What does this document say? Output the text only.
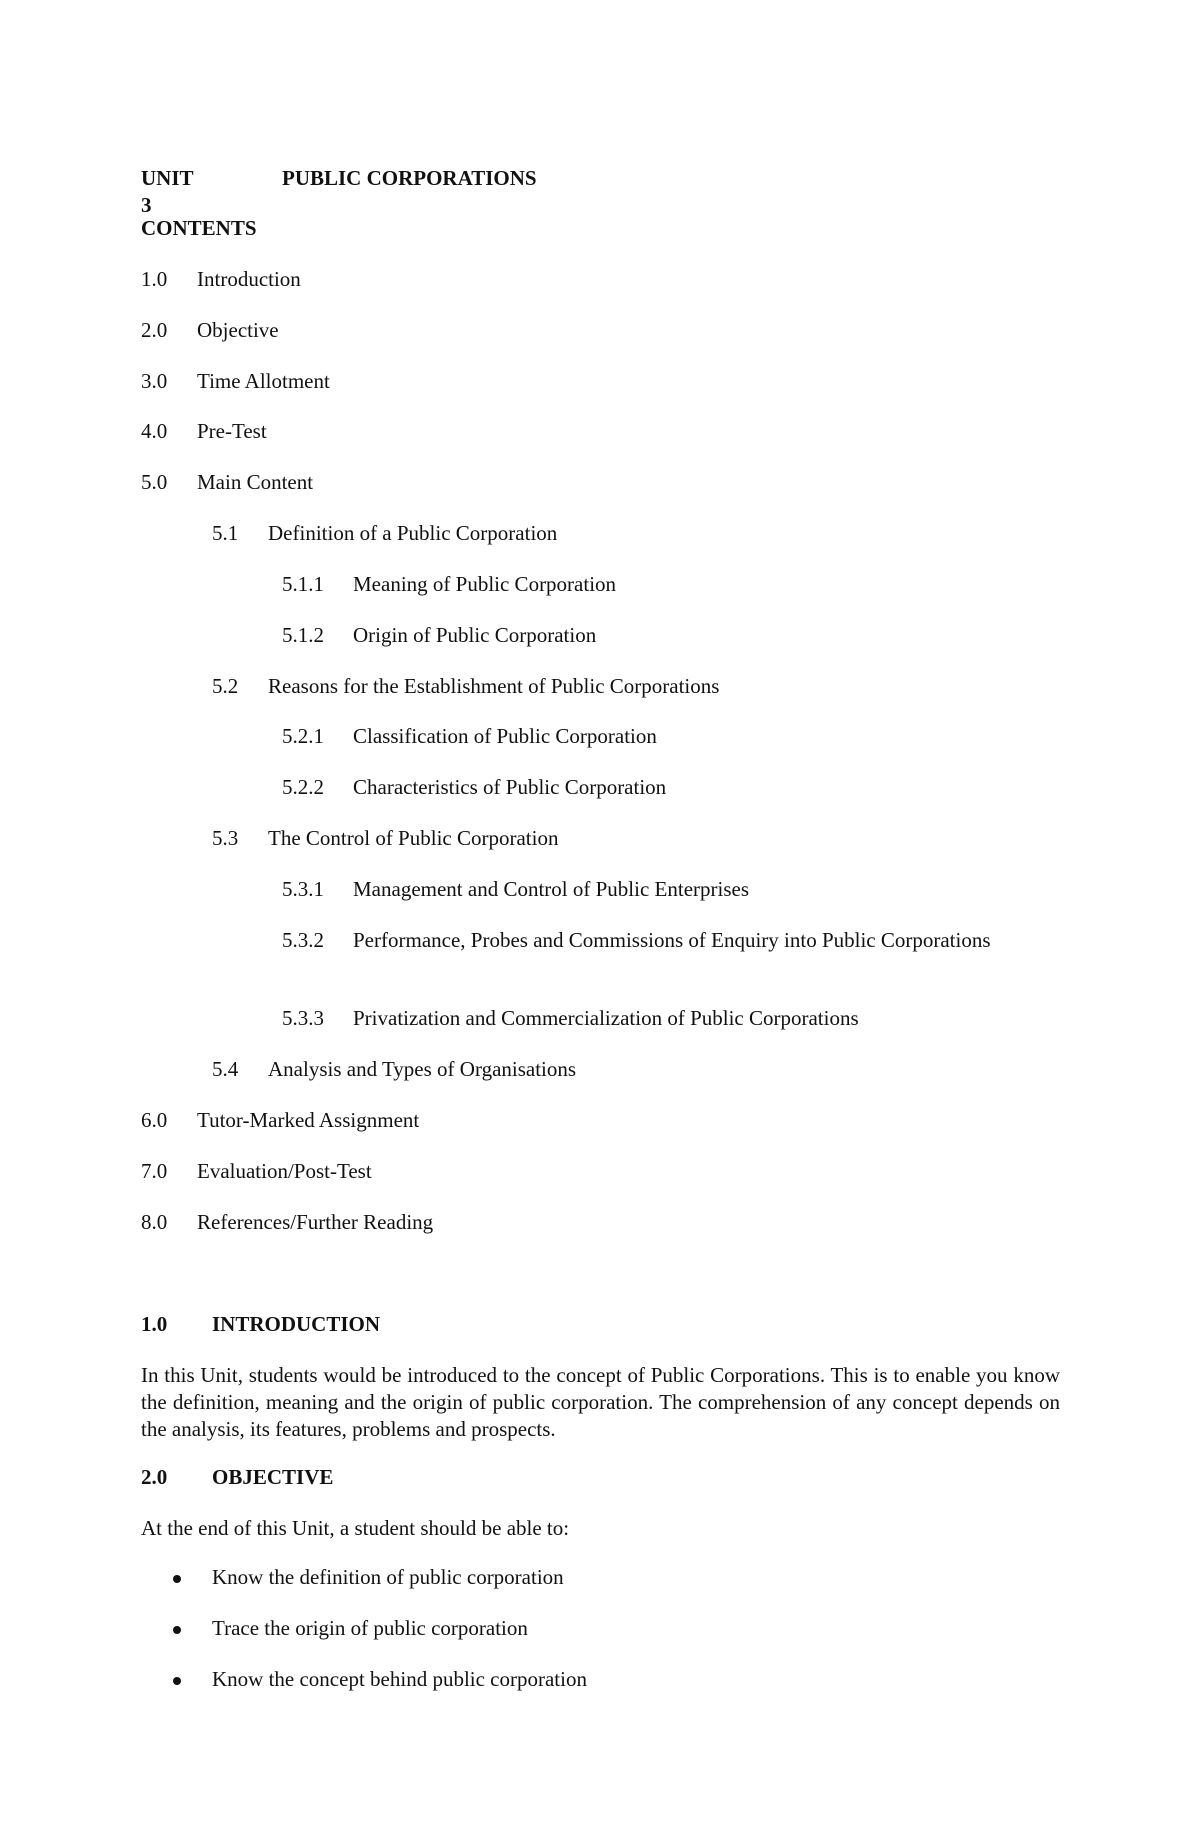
UNIT 3
PUBLIC CORPORATIONS
CONTENTS
1.0 Introduction
2.0 Objective
3.0 Time Allotment
4.0 Pre-Test
5.0 Main Content
5.1 Definition of a Public Corporation
5.1.1 Meaning of Public Corporation
5.1.2 Origin of Public Corporation
5.2 Reasons for the Establishment of Public Corporations
5.2.1 Classification of Public Corporation
5.2.2 Characteristics of Public Corporation
5.3 The Control of Public Corporation
5.3.1 Management and Control of Public Enterprises
5.3.2 Performance, Probes and Commissions of Enquiry into Public Corporations
5.3.3 Privatization and Commercialization of Public Corporations
5.4 Analysis and Types of Organisations
6.0 Tutor-Marked Assignment
7.0 Evaluation/Post-Test
8.0 References/Further Reading
1.0 INTRODUCTION
In this Unit, students would be introduced to the concept of Public Corporations. This is to enable you know the definition, meaning and the origin of public corporation. The comprehension of any concept depends on the analysis, its features, problems and prospects.
2.0 OBJECTIVE
At the end of this Unit, a student should be able to:
Know the definition of public corporation
Trace the origin of public corporation
Know the concept behind public corporation
